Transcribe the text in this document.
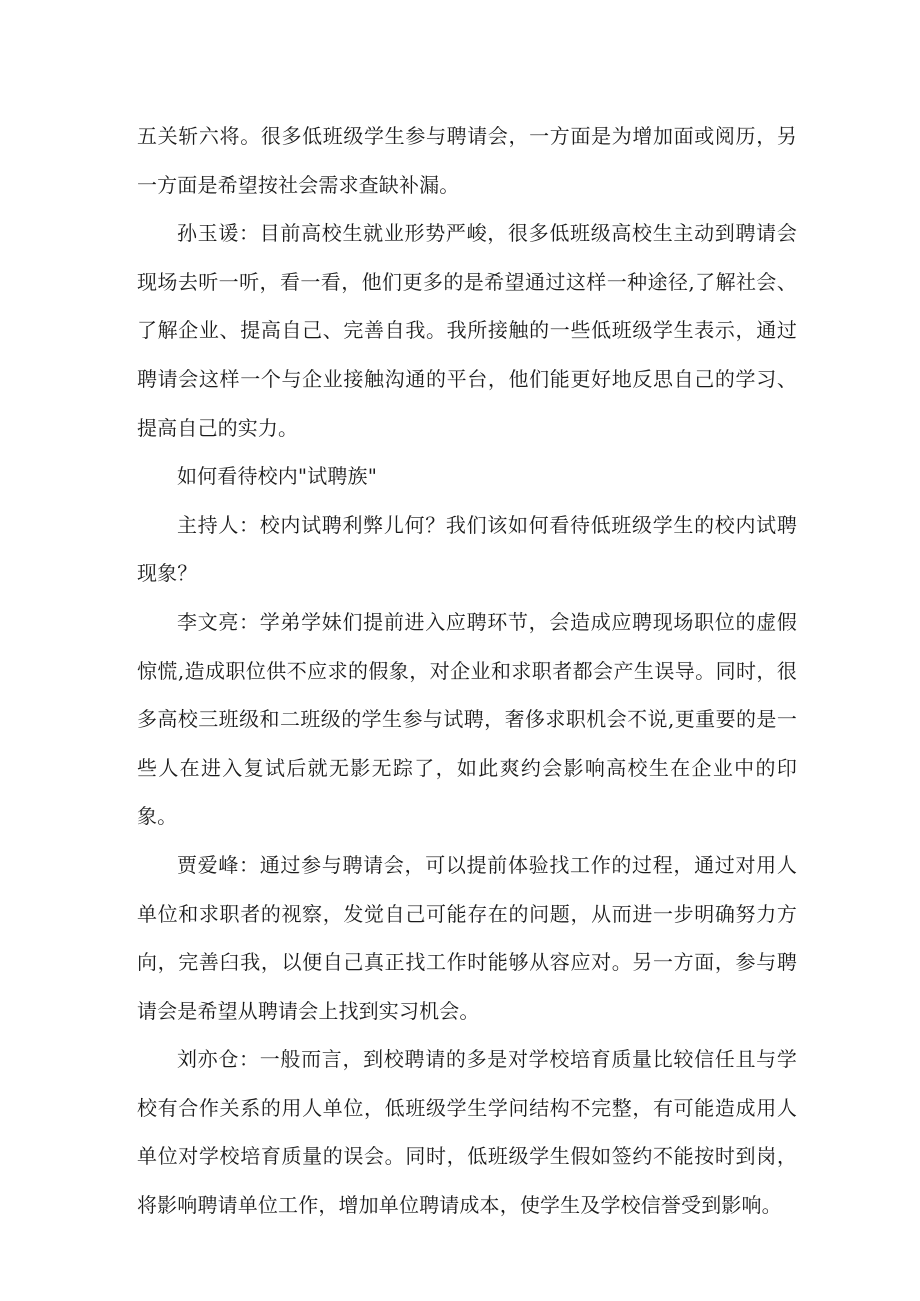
五关斩六将。很多低班级学生参与聘请会，一方面是为增加面或阅历，另一方面是希望按社会需求查缺补漏。

孙玉谖：目前高校生就业形势严峻，很多低班级高校生主动到聘请会现场去听一听，看一看，他们更多的是希望通过这样一种途径,了解社会、了解企业、提高自己、完善自我。我所接触的一些低班级学生表示，通过聘请会这样一个与企业接触沟通的平台，他们能更好地反思自己的学习、提高自己的实力。

如何看待校内"试聘族"

主持人：校内试聘利弊儿何？我们该如何看待低班级学生的校内试聘现象？

李文亮：学弟学妹们提前进入应聘环节，会造成应聘现场职位的虚假惊慌,造成职位供不应求的假象，对企业和求职者都会产生误导。同时，很多高校三班级和二班级的学生参与试聘，奢侈求职机会不说,更重要的是一些人在进入复试后就无影无踪了，如此爽约会影响高校生在企业中的印象。

贾爱峰：通过参与聘请会，可以提前体验找工作的过程，通过对用人单位和求职者的视察，发觉自己可能存在的问题，从而进一步明确努力方向，完善臼我，以便自己真正找工作时能够从容应对。另一方面，参与聘请会是希望从聘请会上找到实习机会。

刘亦仓：一般而言，到校聘请的多是对学校培育质量比较信任且与学校有合作关系的用人单位，低班级学生学问结构不完整，有可能造成用人单位对学校培育质量的误会。同时，低班级学生假如签约不能按时到岗，将影响聘请单位工作，增加单位聘请成本，使学生及学校信誉受到影响。
